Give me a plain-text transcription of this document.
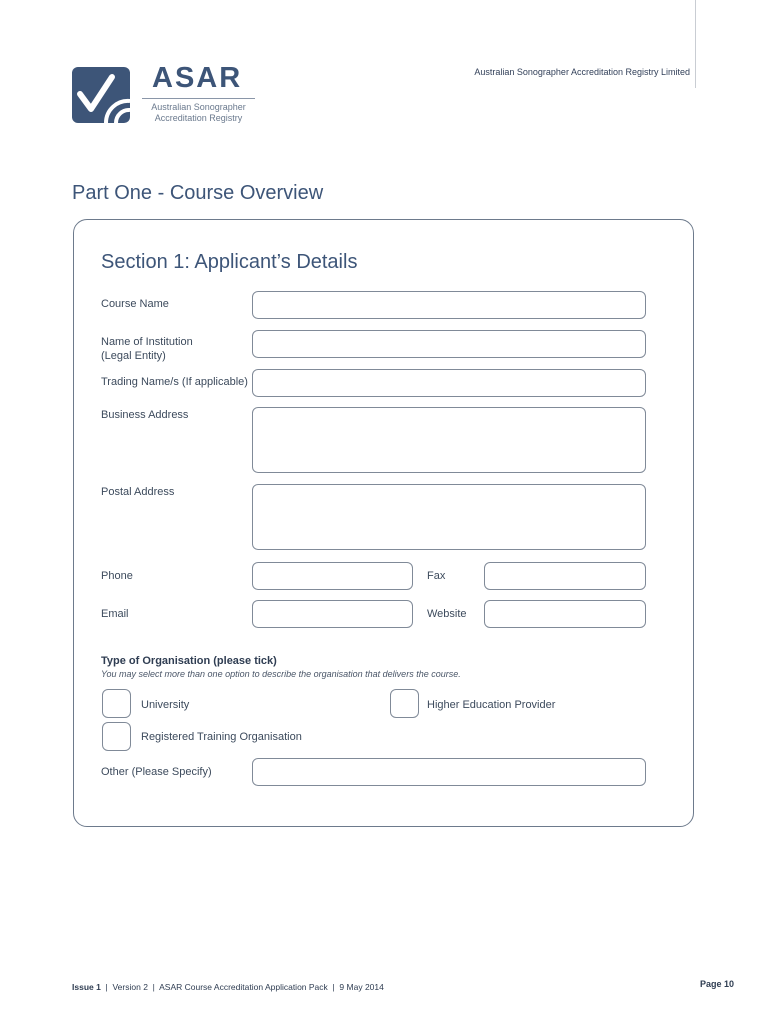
ASAR
Australian Sonographer
Accreditation Registry
Australian Sonographer Accreditation Registry Limited
Part One - Course Overview
Section 1: Applicant’s Details
Course Name
Name of Institution
(Legal Entity)
Trading Name/s (If applicable)
Business Address
Postal Address
Phone	Fax
Email	Website
Type of Organisation (please tick)
You may select more than one option to describe the organisation that delivers the course.
University	Higher Education Provider
Registered Training Organisation
Other (Please Specify)
Issue 1  |  Version 2  |  ASAR Course Accreditation Application Pack  |  9 May 2014	Page 10
